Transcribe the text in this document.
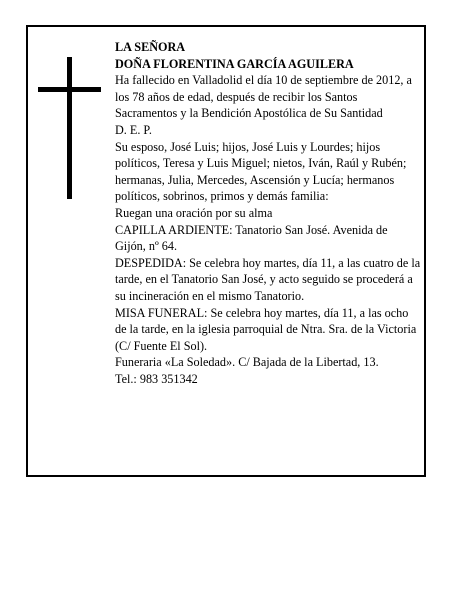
LA SEÑORA

DOÑA FLORENTINA GARCÍA AGUILERA

Ha fallecido en Valladolid el día 10 de septiembre de 2012, a los 78 años de edad, después de recibir los Santos Sacramentos y la Bendición Apostólica de Su Santidad

D. E. P.

Su esposo, José Luis; hijos, José Luis y Lourdes; hijos políticos, Teresa y Luis Miguel; nietos, Iván, Raúl y Rubén; hermanas, Julia, Mercedes, Ascensión y Lucía; hermanos políticos, sobrinos, primos y demás familia:

Ruegan una oración por su alma

CAPILLA ARDIENTE: Tanatorio San José. Avenida de Gijón, nº 64.

DESPEDIDA: Se celebra hoy martes, día 11, a las cuatro de la tarde, en el Tanatorio San José, y acto seguido se procederá a su incineración en el mismo Tanatorio.

MISA FUNERAL: Se celebra hoy martes, día 11, a las ocho de la tarde, en la iglesia parroquial de Ntra. Sra. de la Victoria (C/ Fuente El Sol).

Funeraria «La Soledad». C/ Bajada de la Libertad, 13.

Tel.: 983 351342
